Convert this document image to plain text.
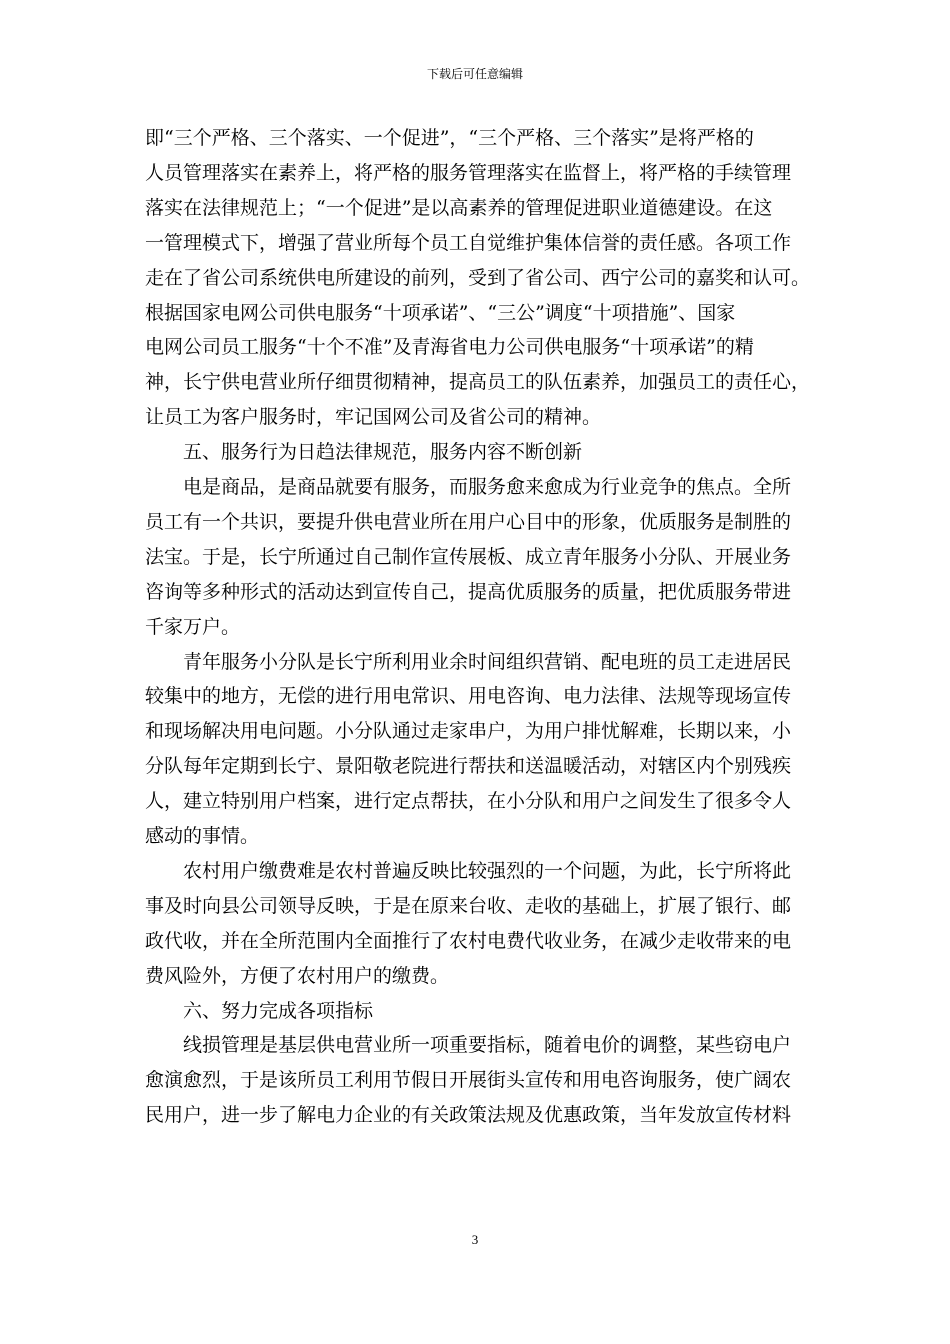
下载后可任意编辑
即“三个严格、三个落实、一个促进”，“三个严格、三个落实”是将严格的
人员管理落实在素养上，将严格的服务管理落实在监督上，将严格的手续管理
落实在法律规范上；“一个促进”是以高素养的管理促进职业道德建设。在这
一管理模式下，增强了营业所每个员工自觉维护集体信誉的责任感。各项工作
走在了省公司系统供电所建设的前列，受到了省公司、西宁公司的嘉奖和认可。
根据国家电网公司供电服务“十项承诺”、“三公”调度“十项措施”、国家
电网公司员工服务“十个不准”及青海省电力公司供电服务“十项承诺”的精
神，长宁供电营业所仔细贯彻精神，提高员工的队伍素养，加强员工的责任心，
让员工为客户服务时，牢记国网公司及省公司的精神。
　　五、服务行为日趋法律规范，服务内容不断创新
　　电是商品，是商品就要有服务，而服务愈来愈成为行业竞争的焦点。全所
员工有一个共识，要提升供电营业所在用户心目中的形象，优质服务是制胜的
法宝。于是，长宁所通过自己制作宣传展板、成立青年服务小分队、开展业务
咨询等多种形式的活动达到宣传自己，提高优质服务的质量，把优质服务带进
千家万户。
　　青年服务小分队是长宁所利用业余时间组织营销、配电班的员工走进居民
较集中的地方，无偿的进行用电常识、用电咨询、电力法律、法规等现场宣传
和现场解决用电问题。小分队通过走家串户，为用户排忧解难，长期以来，小
分队每年定期到长宁、景阳敬老院进行帮扶和送温暖活动，对辖区内个别残疾
人，建立特别用户档案，进行定点帮扶，在小分队和用户之间发生了很多令人
感动的事情。
　　农村用户缴费难是农村普遍反映比较强烈的一个问题，为此，长宁所将此
事及时向县公司领导反映，于是在原来台收、走收的基础上，扩展了银行、邮
政代收，并在全所范围内全面推行了农村电费代收业务，在减少走收带来的电
费风险外，方便了农村用户的缴费。
　　六、努力完成各项指标
　　线损管理是基层供电营业所一项重要指标，随着电价的调整，某些窃电户
愈演愈烈，于是该所员工利用节假日开展街头宣传和用电咨询服务，使广阔农
民用户，进一步了解电力企业的有关政策法规及优惠政策，当年发放宣传材料
3
